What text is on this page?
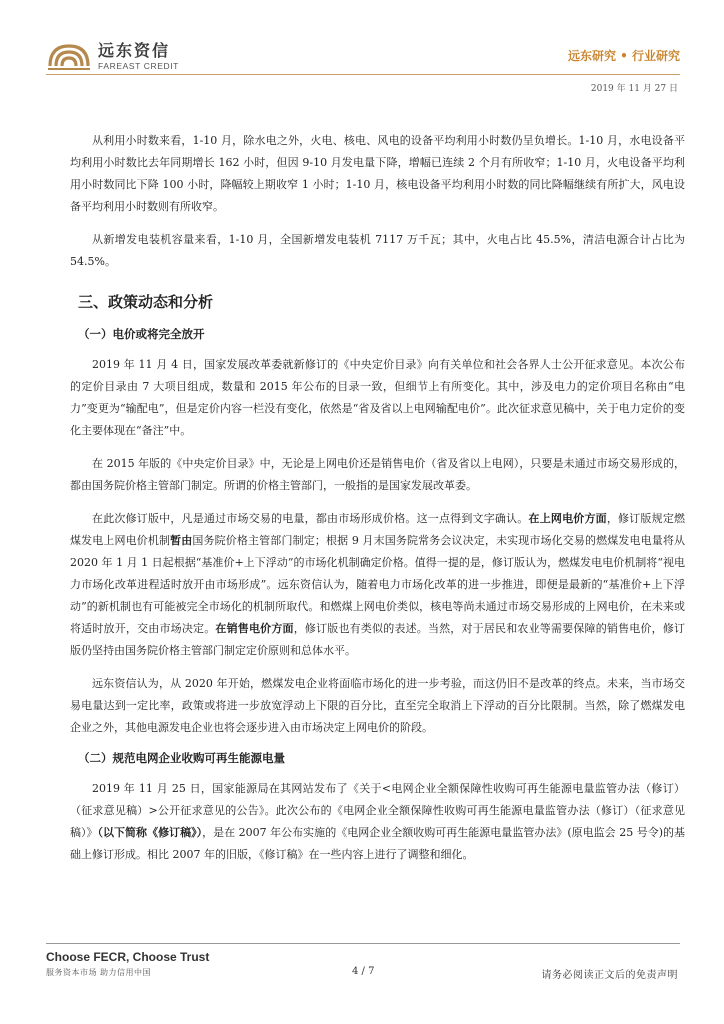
远东资信
FAREAST CREDIT
远东研究 • 行业研究
2019 年 11 月 27 日

从利用小时数来看，1-10 月，除水电之外，火电、核电、风电的设备平均利用小时数仍呈负增长。1-10 月，水电设备平均利用小时数比去年同期增长 162 小时，但因 9-10 月发电量下降，增幅已连续 2 个月有所收窄；1-10 月，火电设备平均利用小时数同比下降 100 小时，降幅较上期收窄 1 小时；1-10 月，核电设备平均利用小时数的同比降幅继续有所扩大，风电设备平均利用小时数则有所收窄。

从新增发电装机容量来看，1-10 月，全国新增发电装机 7117 万千瓦；其中，火电占比 45.5%，清洁电源合计占比为 54.5%。

三、政策动态和分析
（一）电价或将完全放开

2019 年 11 月 4 日，国家发展改革委就新修订的《中央定价目录》向有关单位和社会各界人士公开征求意见。本次公布的定价目录由 7 大项目组成，数量和 2015 年公布的目录一致，但细节上有所变化。其中，涉及电力的定价项目名称由“电力”变更为“输配电”，但是定价内容一栏没有变化，依然是“省及省以上电网输配电价”。此次征求意见稿中，关于电力定价的变化主要体现在“备注”中。

在 2015 年版的《中央定价目录》中，无论是上网电价还是销售电价（省及省以上电网），只要是未通过市场交易形成的，都由国务院价格主管部门制定。所谓的价格主管部门，一般指的是国家发展改革委。

在此次修订版中，凡是通过市场交易的电量，都由市场形成价格。这一点得到文字确认。在上网电价方面，修订版规定燃煤发电上网电价机制暂由国务院价格主管部门制定；根据 9 月末国务院常务会议决定，未实现市场化交易的燃煤发电电量将从 2020 年 1 月 1 日起根据“基准价+上下浮动”的市场化机制确定价格。值得一提的是，修订版认为，燃煤发电电价机制将“视电力市场化改革进程适时放开由市场形成”。远东资信认为，随着电力市场化改革的进一步推进，即便是最新的“基准价+上下浮动”的新机制也有可能被完全市场化的机制所取代。和燃煤上网电价类似，核电等尚未通过市场交易形成的上网电价，在未来或将适时放开，交由市场决定。在销售电价方面，修订版也有类似的表述。当然，对于居民和农业等需要保障的销售电价，修订版仍坚持由国务院价格主管部门制定定价原则和总体水平。

远东资信认为，从 2020 年开始，燃煤发电企业将面临市场化的进一步考验，而这仍旧不是改革的终点。未来，当市场交易电量达到一定比率，政策或将进一步放宽浮动上下限的百分比，直至完全取消上下浮动的百分比限制。当然，除了燃煤发电企业之外，其他电源发电企业也将会逐步进入由市场决定上网电价的阶段。

（二）规范电网企业收购可再生能源电量

2019 年 11 月 25 日，国家能源局在其网站发布了《关于<电网企业全额保障性收购可再生能源电量监管办法（修订）（征求意见稿）>公开征求意见的公告》。此次公布的《电网企业全额保障性收购可再生能源电量监管办法（修订）（征求意见稿）》（以下简称《修订稿》），是在 2007 年公布实施的《电网企业全额收购可再生能源电量监管办法》(原电监会 25 号令)的基础上修订形成。相比 2007 年的旧版，《修订稿》在一些内容上进行了调整和细化。

Choose FECR, Choose Trust
服务资本市场 助力信用中国	4 / 7	请务必阅读正文后的免责声明
